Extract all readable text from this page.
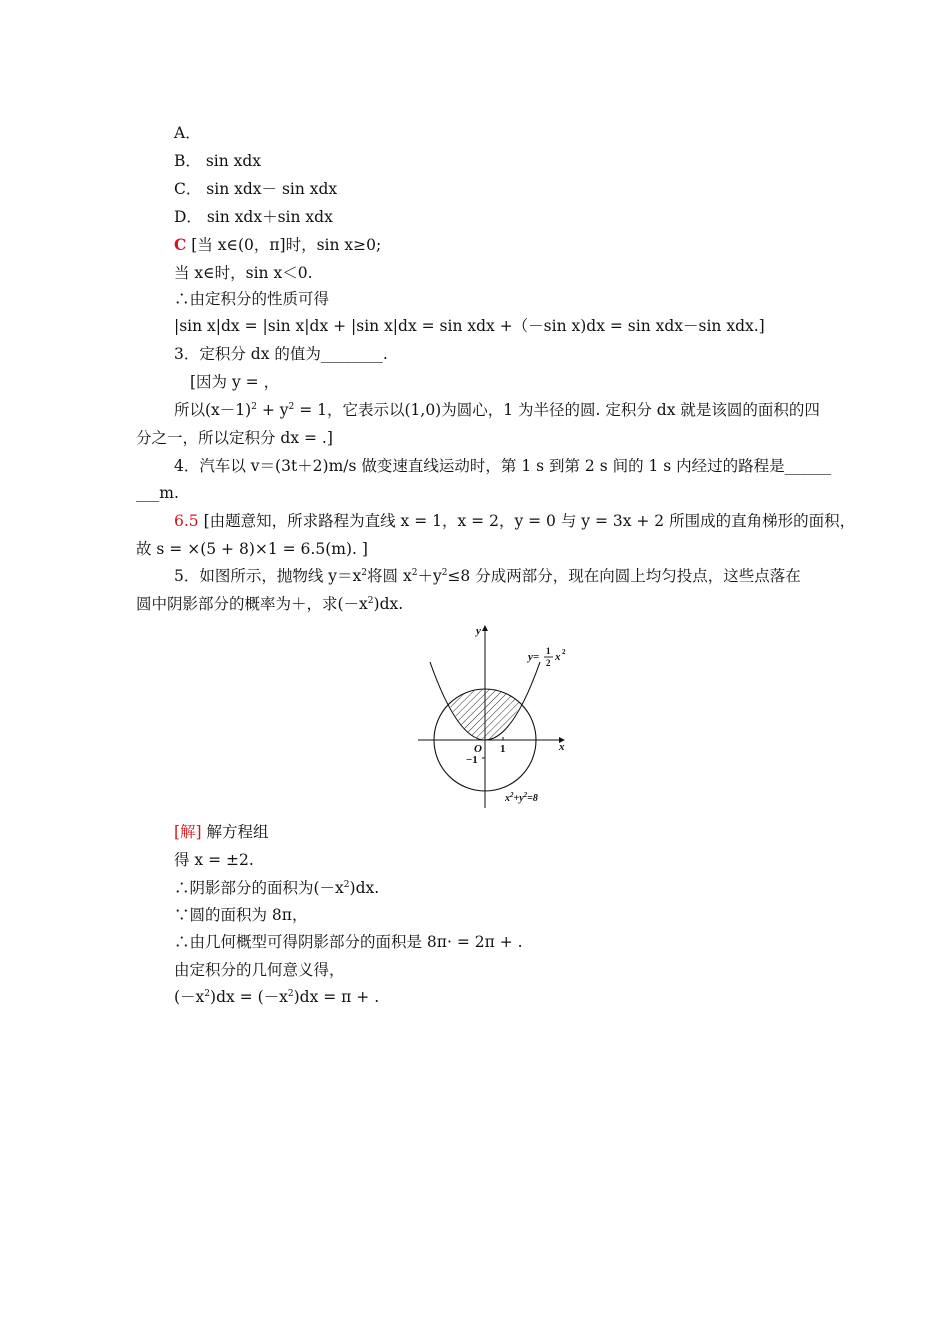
A．
B． sin xdx
C． sin xdx－ sin xdx
D． sin xdx＋sin xdx
C [当 x∈(0，π]时，sin x≥0;
当 x∈时，sin x＜0.
∴由定积分的性质可得
|sin x|dx = |sin x|dx + |sin x|dx = sin xdx +（－sin x)dx = sin xdx－sin xdx.]
3．定积分 dx 的值为________.
[因为 y = ，
所以$(x-1)^2 + y^2 = 1$，它表示以(1,0)为圆心，1 为半径的圆. 定积分 dx 就是该圆的面积的四
分之一，所以定积分 dx = .]
4．汽车以 v＝(3t＋2)m/s 做变速直线运动时，第 1 s 到第 2 s 间的 1 s 内经过的路程是______
___m.
6.5 [由题意知，所求路程为直线 x = 1，x = 2，y = 0 与 y = 3x + 2 所围成的直角梯形的面积，
故 s = ×(5 + 8)×1 = 6.5(m). ]
5．如图所示，抛物线 $y=x^2$将圆 $x^2+y^2\le 8$ 分成两部分，现在向圆上均匀投点，这些点落在
圆中阴影部分的概率为＋，求$(-x^2)dx$.
y
x
O 1
−1
y= 1
2 x 2
$x^2+y^2=8$
[解] 解方程组
得 x = ±2.
∴阴影部分的面积为$(-x^2)dx$.
∵圆的面积为 8π，
∴由几何概型可得阴影部分的面积是 8π· = 2π + .
由定积分的几何意义得，
$(-x^2)dx = (-x^2)dx = \pi$ + .
